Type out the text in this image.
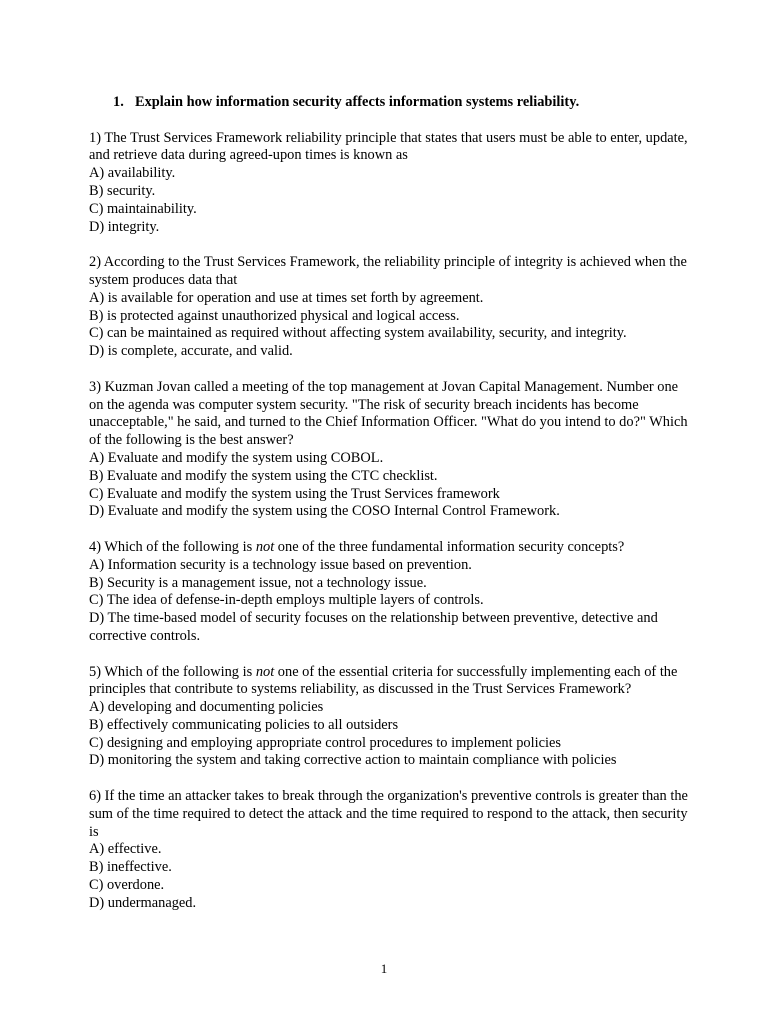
1. Explain how information security affects information systems reliability.
1) The Trust Services Framework reliability principle that states that users must be able to enter, update, and retrieve data during agreed-upon times is known as
A) availability.
B) security.
C) maintainability.
D) integrity.
2) According to the Trust Services Framework, the reliability principle of integrity is achieved when the system produces data that
A) is available for operation and use at times set forth by agreement.
B) is protected against unauthorized physical and logical access.
C) can be maintained as required without affecting system availability, security, and integrity.
D) is complete, accurate, and valid.
3) Kuzman Jovan called a meeting of the top management at Jovan Capital Management. Number one on the agenda was computer system security. "The risk of security breach incidents has become unacceptable," he said, and turned to the Chief Information Officer. "What do you intend to do?" Which of the following is the best answer?
A) Evaluate and modify the system using COBOL.
B) Evaluate and modify the system using the CTC checklist.
C) Evaluate and modify the system using the Trust Services framework
D) Evaluate and modify the system using the COSO Internal Control Framework.
4) Which of the following is not one of the three fundamental information security concepts?
A) Information security is a technology issue based on prevention.
B) Security is a management issue, not a technology issue.
C) The idea of defense-in-depth employs multiple layers of controls.
D) The time-based model of security focuses on the relationship between preventive, detective and corrective controls.
5) Which of the following is not one of the essential criteria for successfully implementing each of the principles that contribute to systems reliability, as discussed in the Trust Services Framework?
A) developing and documenting policies
B) effectively communicating policies to all outsiders
C) designing and employing appropriate control procedures to implement policies
D) monitoring the system and taking corrective action to maintain compliance with policies
6) If the time an attacker takes to break through the organization's preventive controls is greater than the sum of the time required to detect the attack and the time required to respond to the attack, then security is
A) effective.
B) ineffective.
C) overdone.
D) undermanaged.
1
